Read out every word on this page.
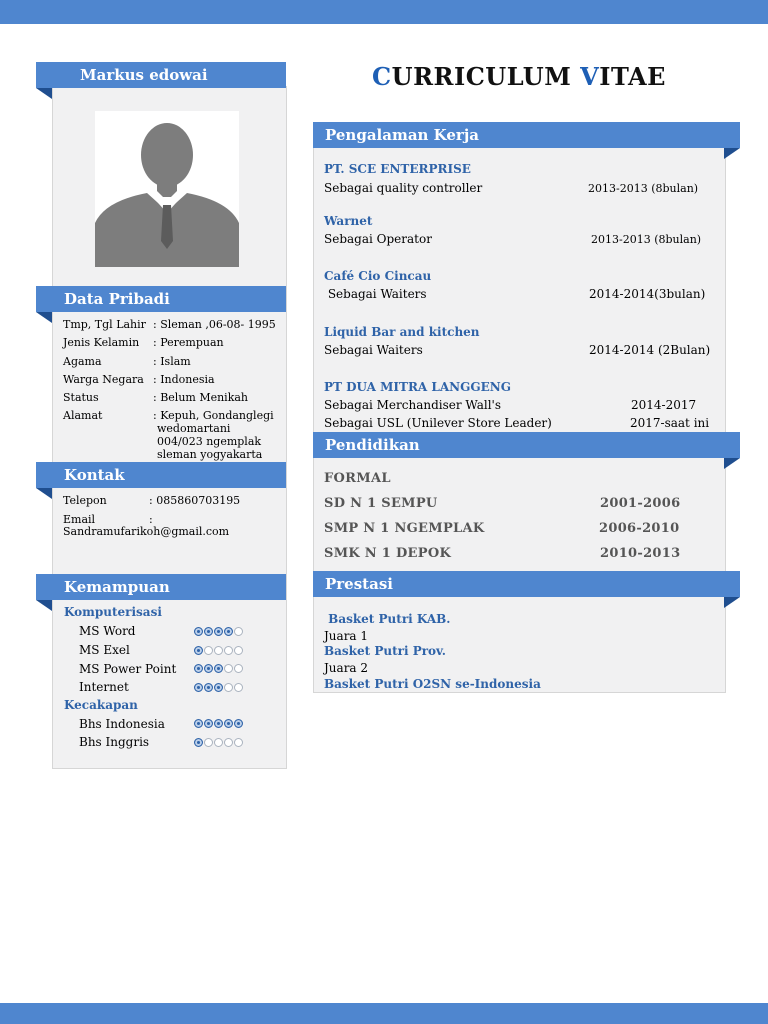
Markus edowai
Data Pribadi
Tmp, Tgl Lahir : Sleman ,06-08- 1995
Jenis Kelamin : Perempuan
Agama	: Islam
Warga Negara : Indonesia
Status	: Belum Menikah
Alamat	: Kepuh, Gondanglegi
wedomartani
004/023 ngemplak
sleman yogyakarta
Kontak
Telepon	: 085860703195
Email	:
Sandramufarikoh@gmail.com
Kemampuan
Komputerisasi
MS Word
MS Exel
MS Power Point
Internet
Kecakapan
Bhs Indonesia
Bhs Inggris
CURRICULUM VITAE
Pengalaman Kerja
PT. SCE ENTERPRISE
Sebagai quality controller	2013-2013 (8bulan)
Warnet
Sebagai Operator	2013-2013 (8bulan)
Café Cio Cincau
Sebagai Waiters	2014-2014(3bulan)
Liquid Bar and kitchen
Sebagai Waiters	2014-2014 (2Bulan)
PT DUA MITRA LANGGENG
Sebagai Merchandiser Wall's	2014-2017
Sebagai USL (Unilever Store Leader)	2017-saat ini
Pendidikan
FORMAL
SD N 1 SEMPU	2001-2006
SMP N 1 NGEMPLAK	2006-2010
SMK N 1 DEPOK	2010-2013
Prestasi
Basket Putri KAB.
Juara 1
Basket Putri Prov.
Juara 2
Basket Putri O2SN se-Indonesia
